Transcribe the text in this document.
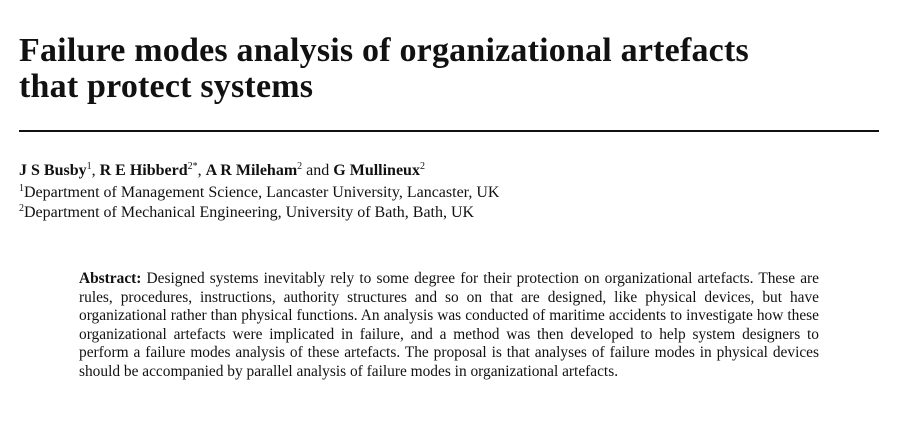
Failure modes analysis of organizational artefacts
that protect systems
J S Busby$^1$, R E Hibberd$^{2*}$, A R Mileham$^2$ and G Mullineux$^2$
$^1$Department of Management Science, Lancaster University, Lancaster, UK
$^2$Department of Mechanical Engineering, University of Bath, Bath, UK

Abstract: Designed systems inevitably rely to some degree for their protection on organizational artefacts. These are rules, procedures, instructions, authority structures and so on that are designed, like physical devices, but have organizational rather than physical functions. An analysis was conducted of maritime accidents to investigate how these organizational artefacts were implicated in failure, and a method was then developed to help system designers to perform a failure modes analysis of these artefacts. The proposal is that analyses of failure modes in physical devices should be accompanied by parallel analysis of failure modes in organizational artefacts.
